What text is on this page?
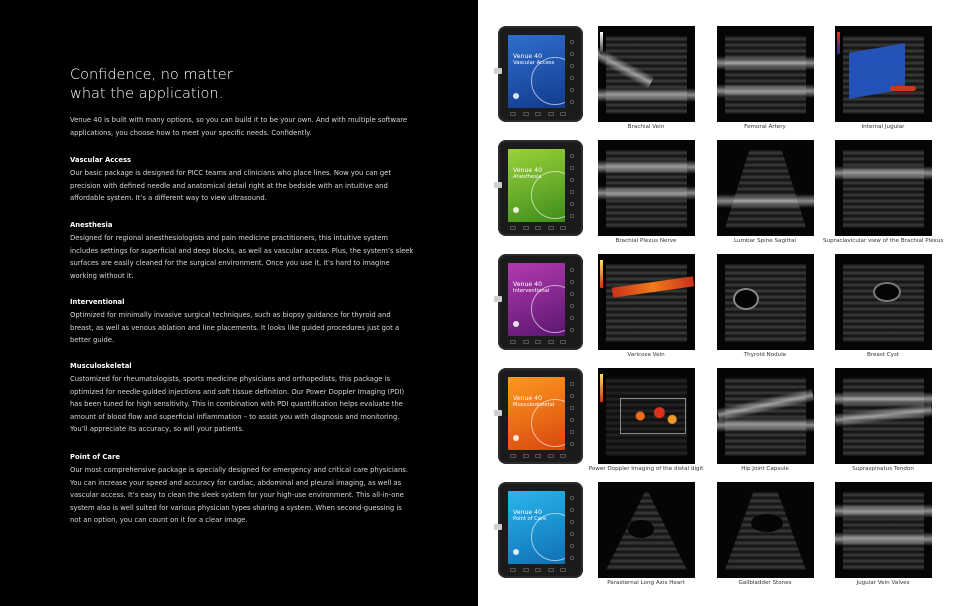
Confidence, no matter
what the application.
Venue 40 is built with many options, so you can build it to be your own. And with multiple software applications, you choose how to meet your specific needs. Confidently.
Vascular Access

Our basic package is designed for PICC teams and clinicians who place lines. Now you can get precision with defined needle and anatomical detail right at the bedside with an intuitive and affordable system. It’s a different way to view ultrasound.

Anesthesia

Designed for regional anesthesiologists and pain medicine practitioners, this intuitive system includes settings for superficial and deep blocks, as well as vascular access. Plus, the system’s sleek surfaces are easily cleaned for the surgical environment. Once you use it, it’s hard to imagine working without it.

Interventional

Optimized for minimally invasive surgical techniques, such as biopsy guidance for thyroid and breast, as well as venous ablation and line placements. It looks like guided procedures just got a better guide.

Musculoskeletal

Customized for rheumatologists, sports medicine physicians and orthopedists, this package is optimized for needle-guided injections and soft tissue definition. Our Power Doppler Imaging (PDI) has been tuned for high sensitivity. This in combination with PDI quantification helps evaluate the amount of blood flow and superficial inflammation – to assist you with diagnosis and monitoring. You’ll appreciate its accuracy, so will your patients.

Point of Care

Our most comprehensive package is specially designed for emergency and critical care physicians. You can increase your speed and accuracy for cardiac, abdominal and pleural imaging, as well as vascular access. It’s easy to clean the sleek system for your high-use environment. This all-in-one system also is well suited for various physician types sharing a system. When second-guessing is not an option, you can count on it for a clear image.

Venue 40
Vascular Access
Brachial Vein	Femoral Artery	Internal Jugular
Venue 40
Anesthesia
Brachial Plexus Nerve	Lumbar Spine Sagittal	Supraclavicular view of the Brachial Plexus
Venue 40
Interventional
Varicose Vein	Thyroid Nodule	Breast Cyst
Venue 40
Musculoskeletal
Power Doppler Imaging of the distal digit	Hip Joint Capsule	Supraspinatus Tendon
Venue 40
Point of Care
Parasternal Long Axis Heart	Gallbladder Stones	Jugular Vein Valves
